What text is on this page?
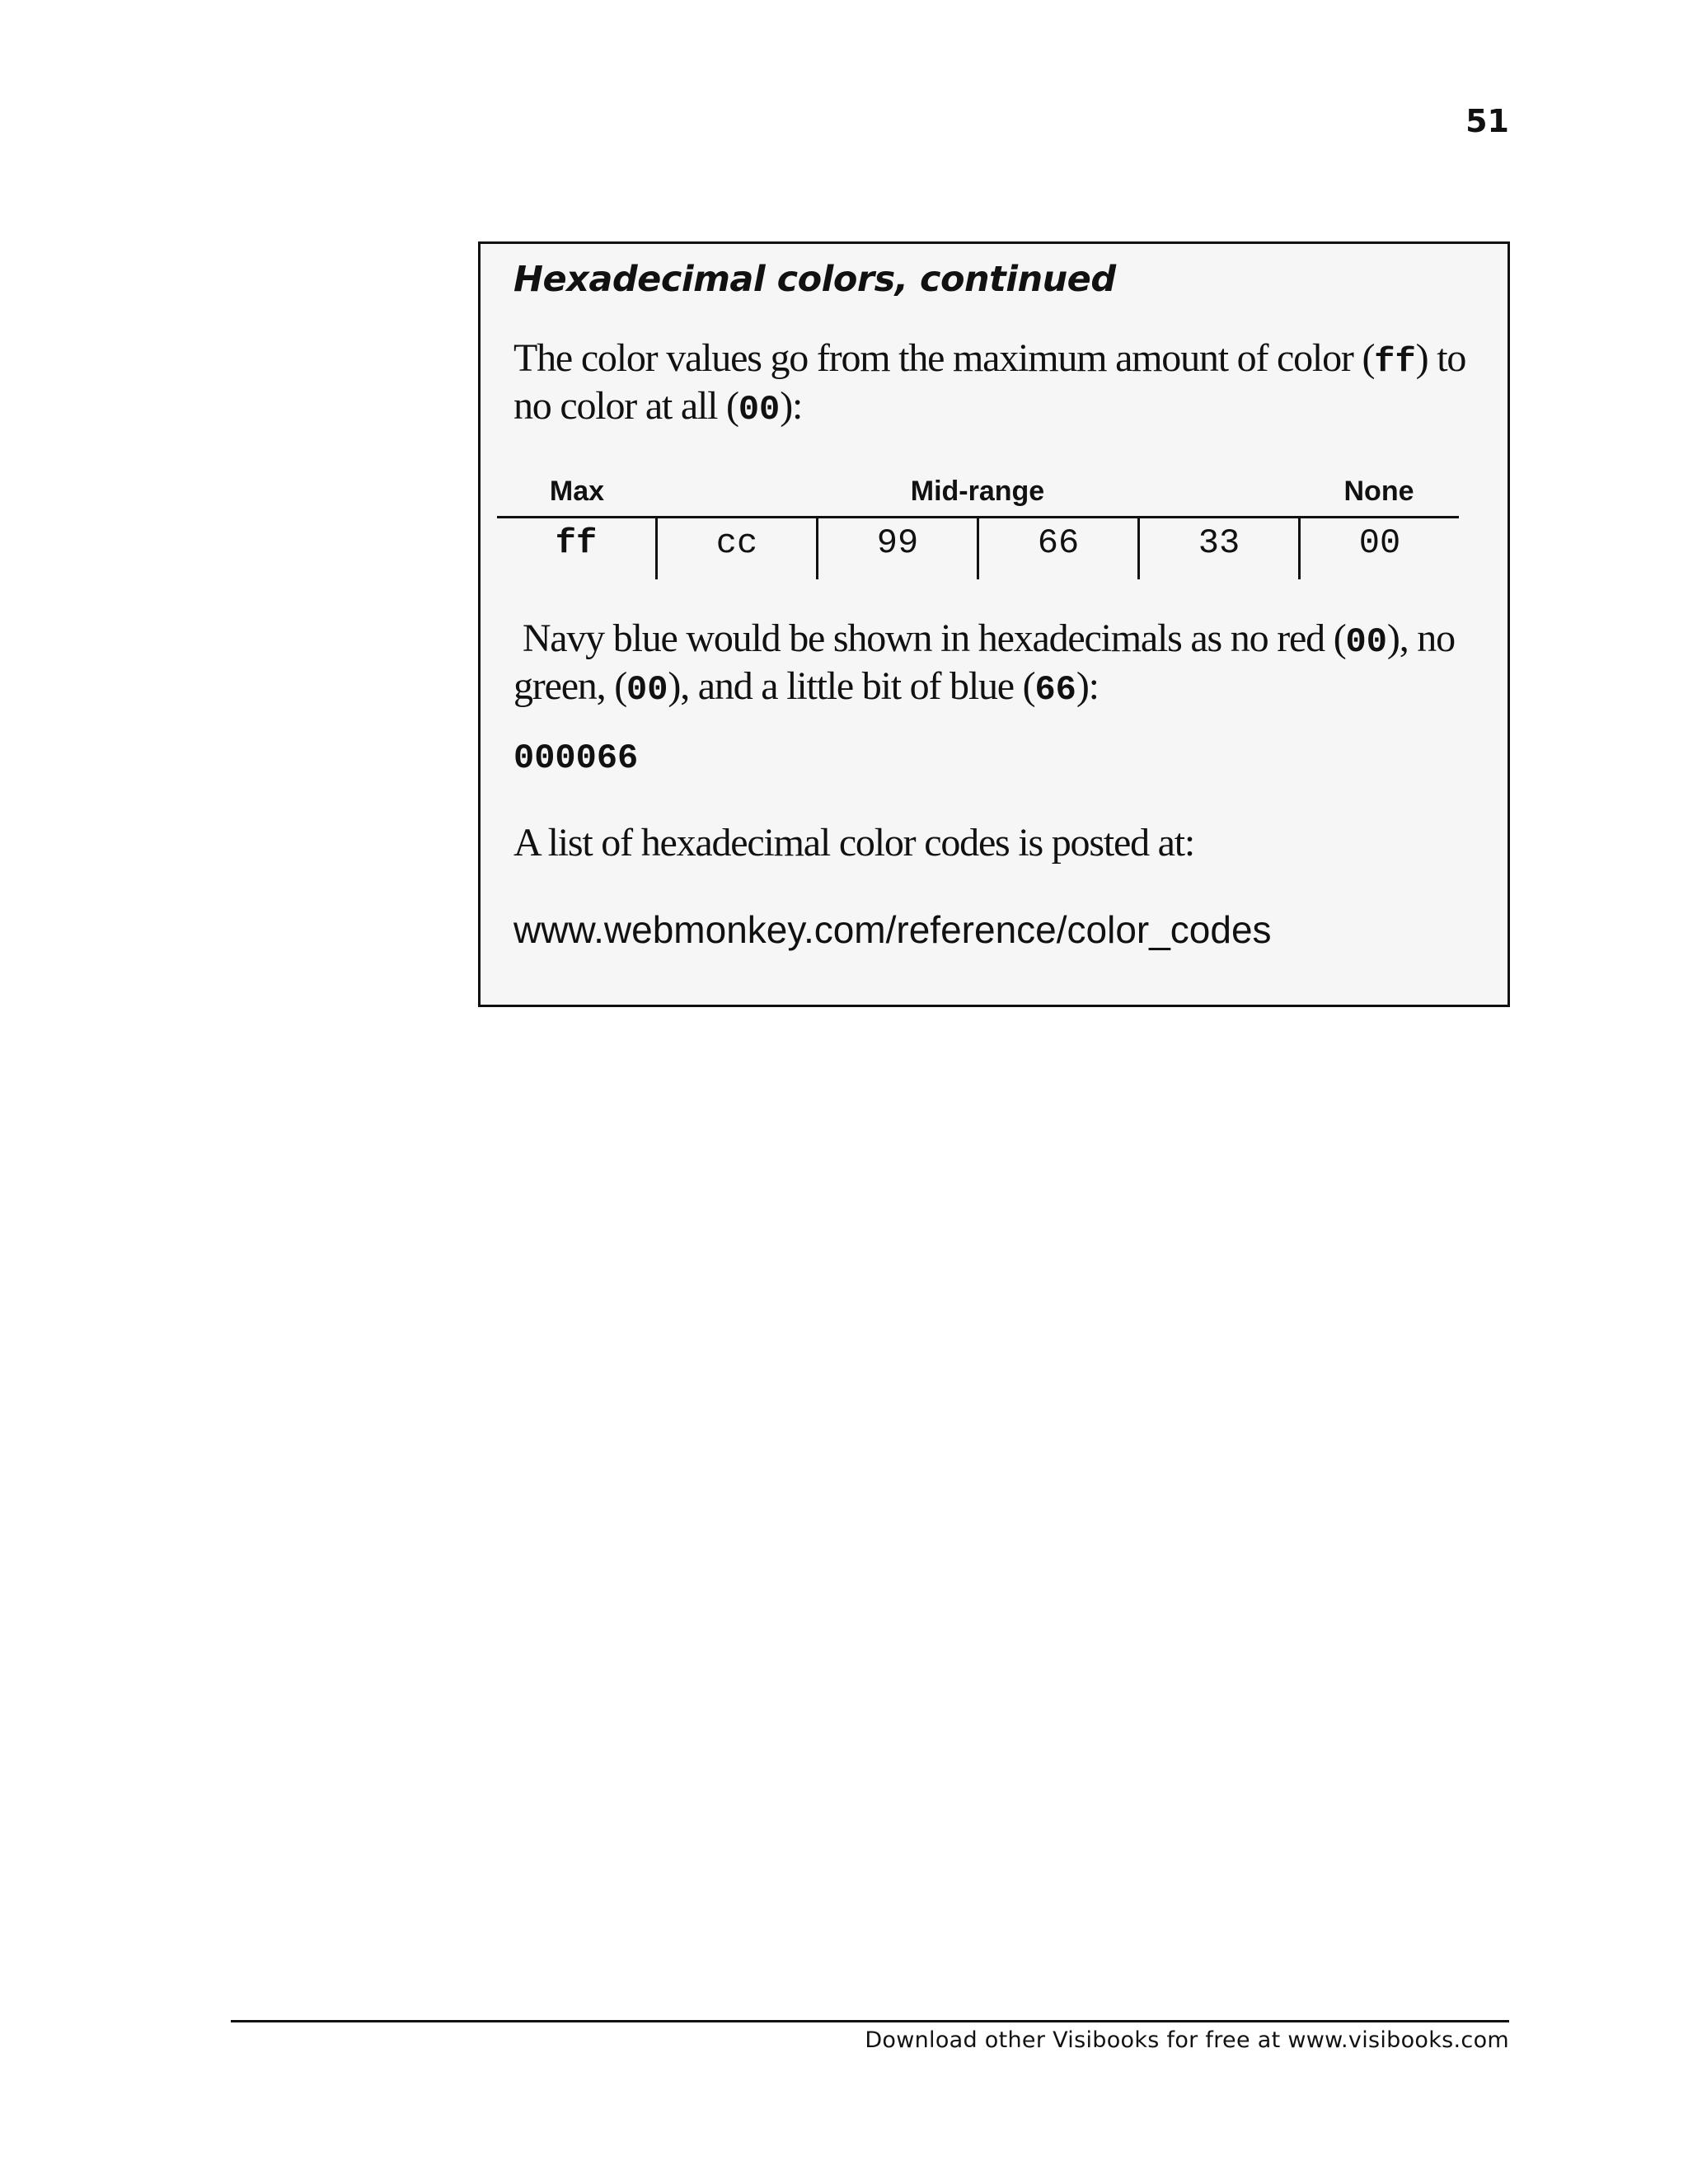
51
Hexadecimal colors, continued
The color values go from the maximum amount of color (ff) to no color at all (00):
Max	Mid-range	None
ff	cc	99	66	33	00
Navy blue would be shown in hexadecimals as no red (00), no green, (00), and a little bit of blue (66):
000066
A list of hexadecimal color codes is posted at:
www.webmonkey.com/reference/color_codes
Download other Visibooks for free at www.visibooks.com
